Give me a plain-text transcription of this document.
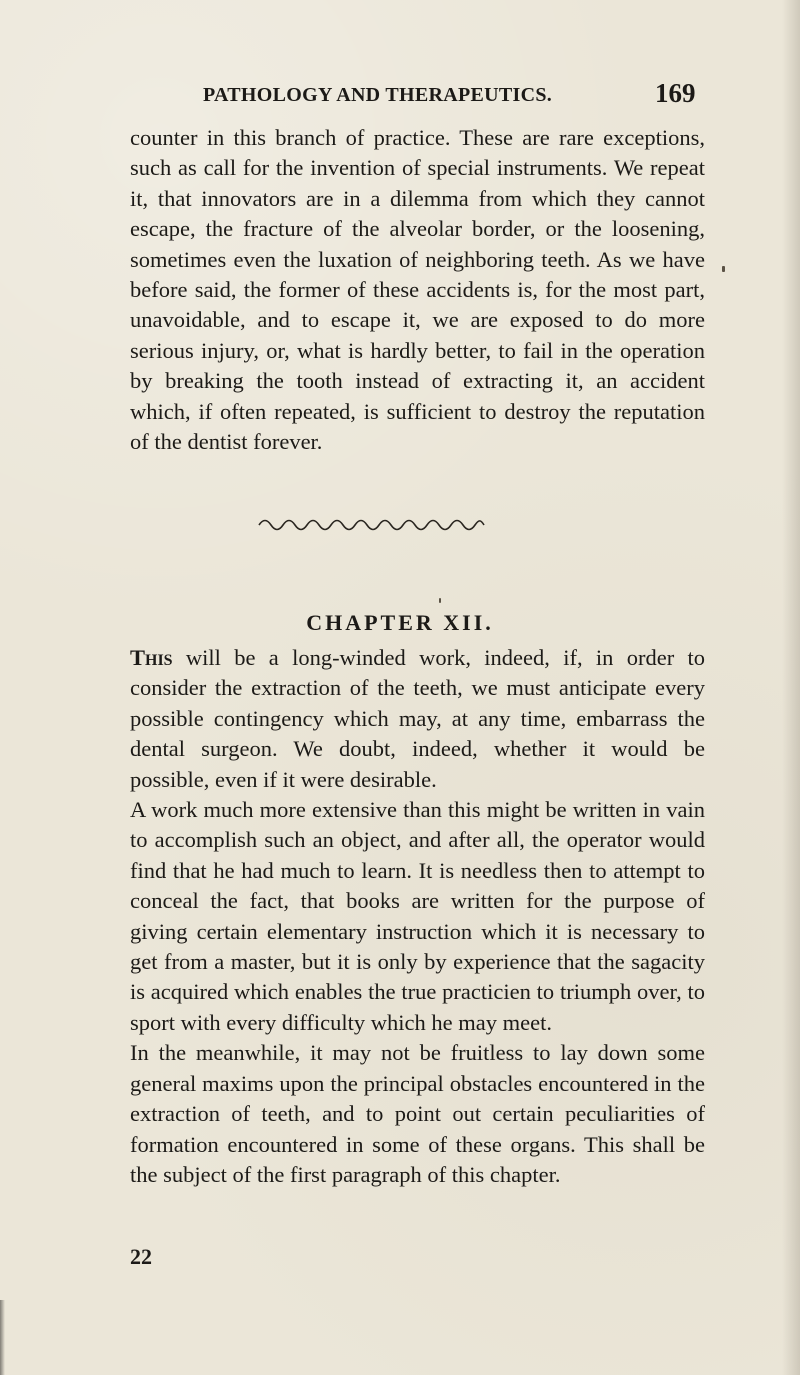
PATHOLOGY AND THERAPEUTICS.	169

counter in this branch of practice. These are rare exceptions, such as call for the invention of special instruments. We repeat it, that innovators are in a dilemma from which they cannot escape, the fracture of the alveolar border, or the loosening, sometimes even the luxation of neighboring teeth. As we have before said, the former of these accidents is, for the most part, unavoidable, and to escape it, we are exposed to do more serious injury, or, what is hardly better, to fail in the operation by breaking the tooth instead of extracting it, an accident which, if often repeated, is sufficient to destroy the reputation of the dentist forever.

CHAPTER XII.

This will be a long-winded work, indeed, if, in order to consider the extraction of the teeth, we must anticipate every possible contingency which may, at any time, embarrass the dental surgeon. We doubt, indeed, whether it would be possible, even if it were desirable.

A work much more extensive than this might be written in vain to accomplish such an object, and after all, the operator would find that he had much to learn. It is needless then to attempt to conceal the fact, that books are written for the purpose of giving certain elementary instruction which it is necessary to get from a master, but it is only by experience that the sagacity is acquired which enables the true practicien to triumph over, to sport with every difficulty which he may meet.

In the meanwhile, it may not be fruitless to lay down some general maxims upon the principal obstacles encountered in the extraction of teeth, and to point out certain peculiarities of formation encountered in some of these organs. This shall be the subject of the first paragraph of this chapter.

22
